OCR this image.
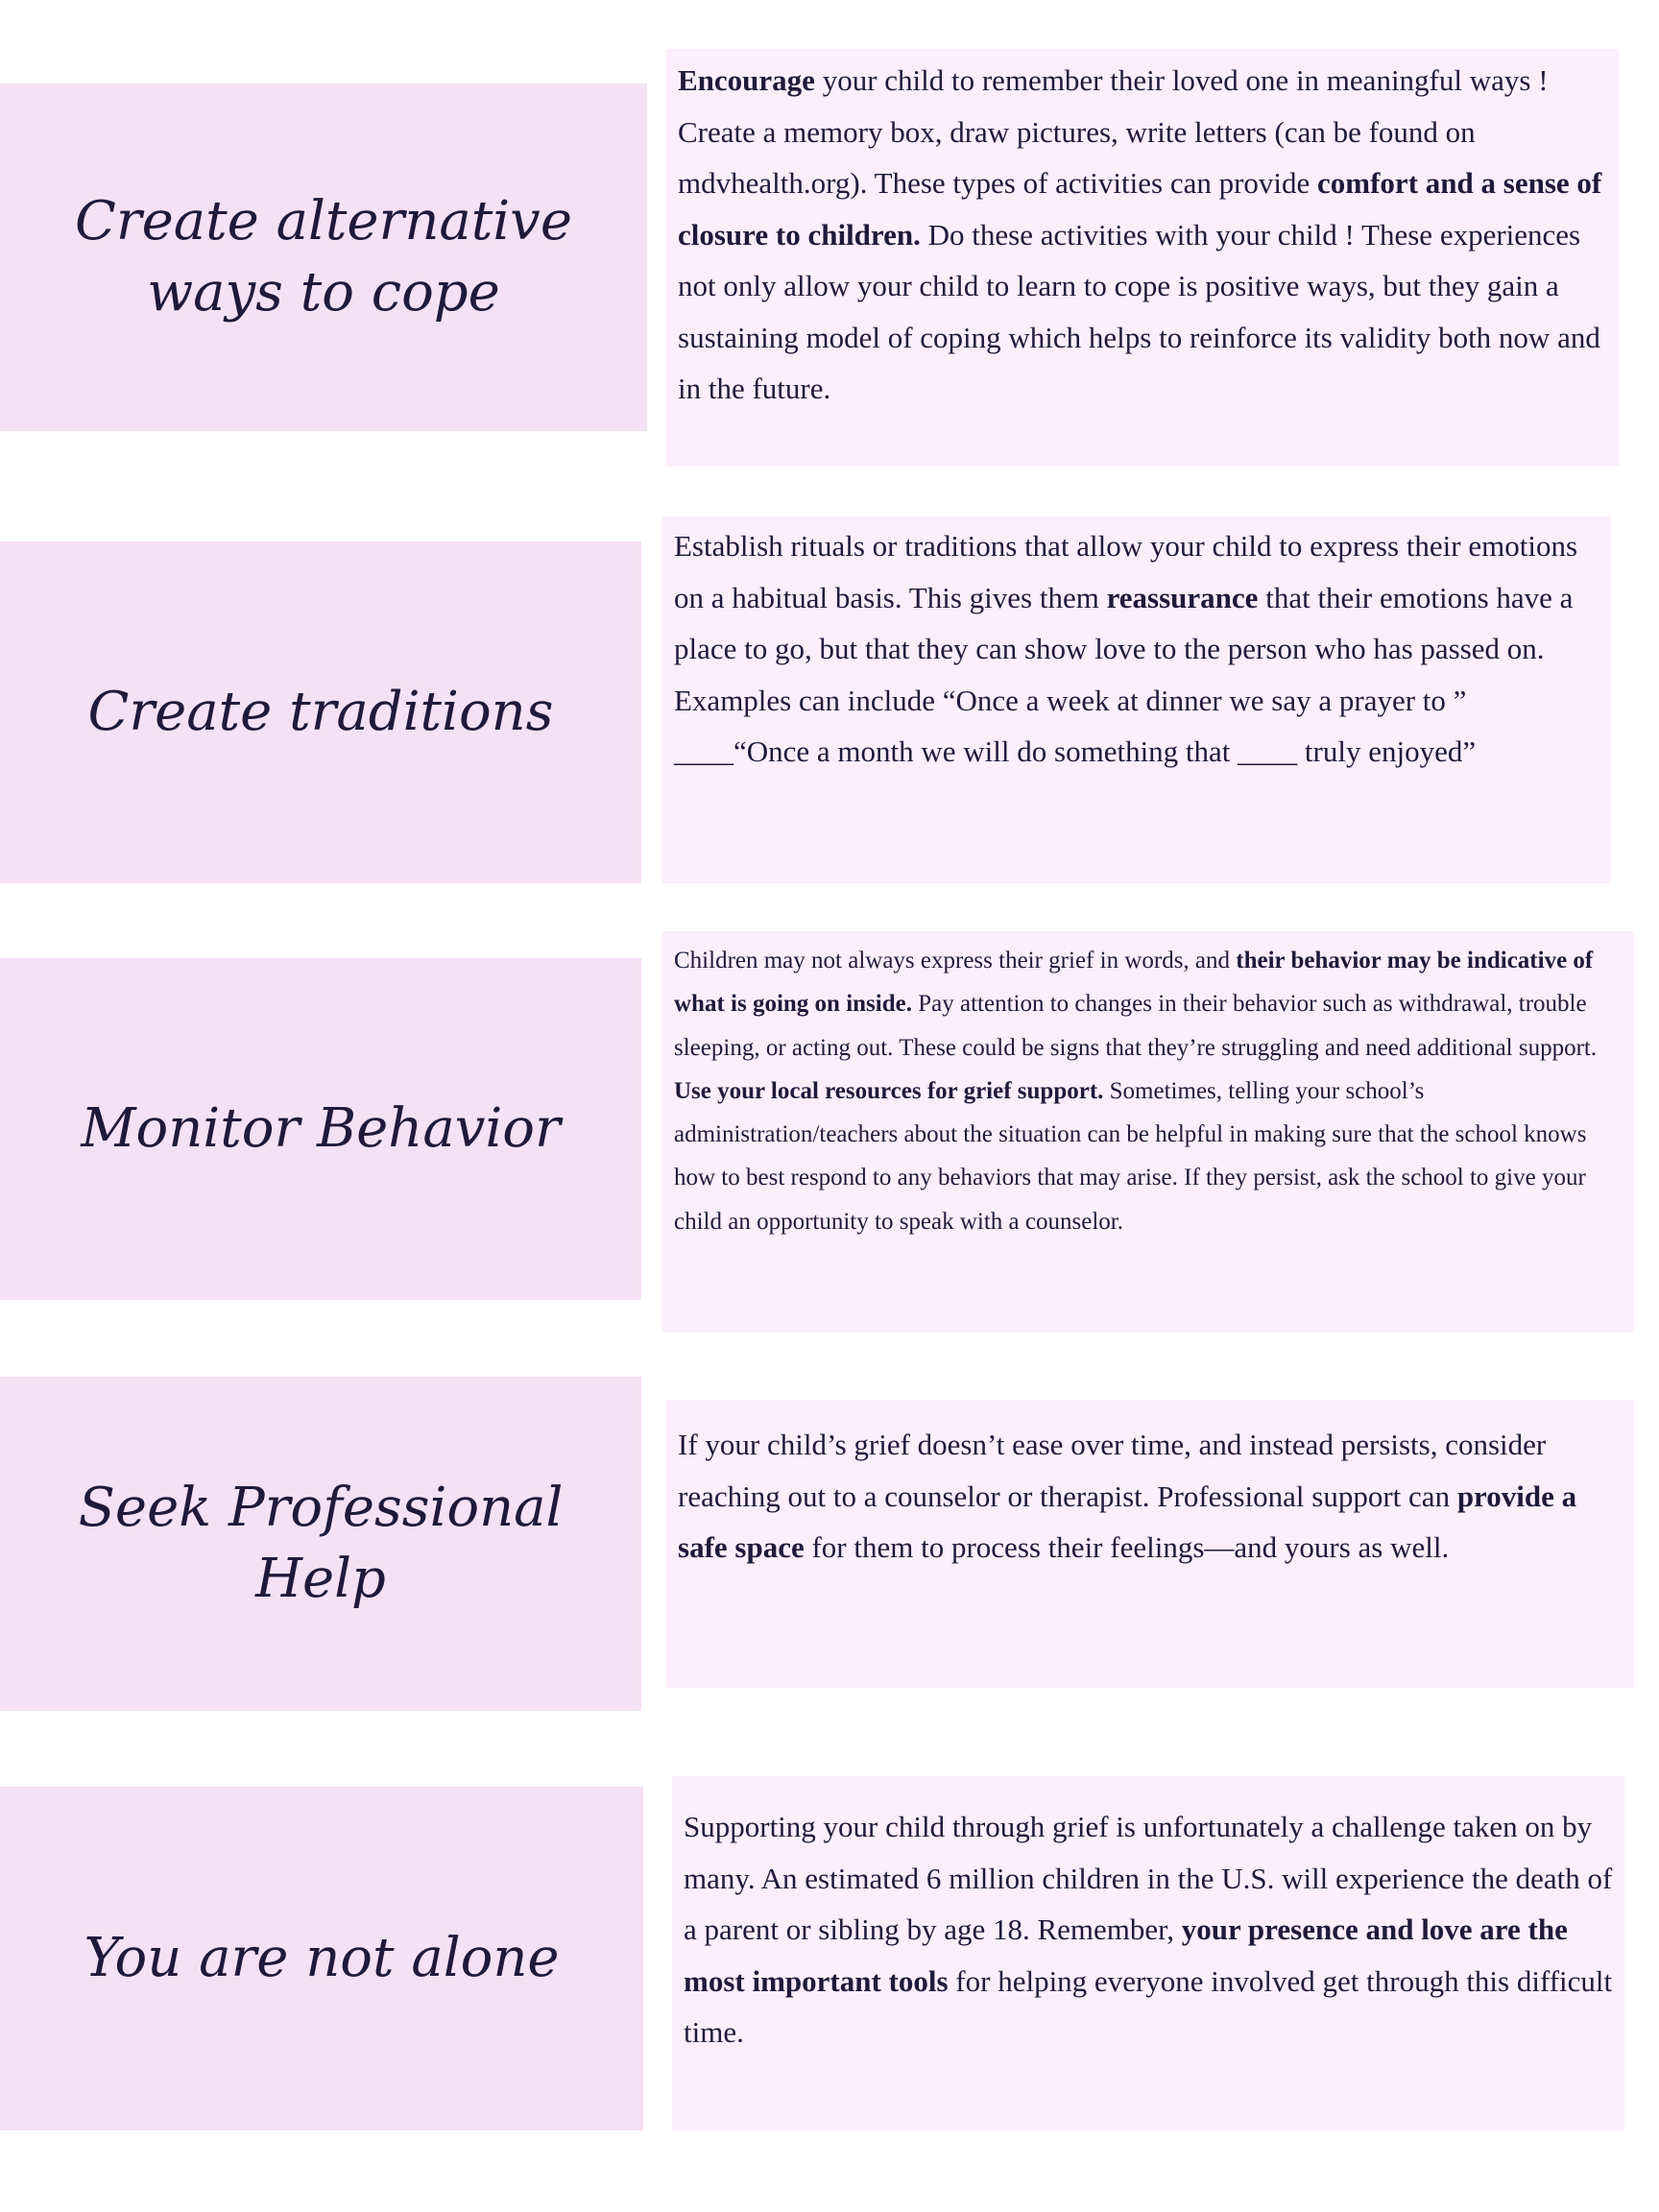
Create alternative ways to cope

Encourage your child to remember their loved one in meaningful ways ! Create a memory box, draw pictures, write letters (can be found on mdvhealth.org). These types of activities can provide comfort and a sense of closure to children. Do these activities with your child ! These experiences not only allow your child to learn to cope is positive ways, but they gain a sustaining model of coping which helps to reinforce its validity both now and in the future.

Create traditions

Establish rituals or traditions that allow your child to express their emotions on a habitual basis. This gives them reassurance that their emotions have a place to go, but that they can show love to the person who has passed on. Examples can include “Once a week at dinner we say a prayer to ” ____“Once a month we will do something that ____ truly enjoyed”

Monitor Behavior

Children may not always express their grief in words, and their behavior may be indicative of what is going on inside. Pay attention to changes in their behavior such as withdrawal, trouble sleeping, or acting out. These could be signs that they’re struggling and need additional support. Use your local resources for grief support. Sometimes, telling your school’s administration/teachers about the situation can be helpful in making sure that the school knows how to best respond to any behaviors that may arise. If they persist, ask the school to give your child an opportunity to speak with a counselor.

Seek Professional Help

If your child’s grief doesn’t ease over time, and instead persists, consider reaching out to a counselor or therapist. Professional support can provide a safe space for them to process their feelings—and yours as well.

You are not alone

Supporting your child through grief is unfortunately a challenge taken on by many. An estimated 6 million children in the U.S. will experience the death of a parent or sibling by age 18. Remember, your presence and love are the most important tools for helping everyone involved get through this difficult time.
